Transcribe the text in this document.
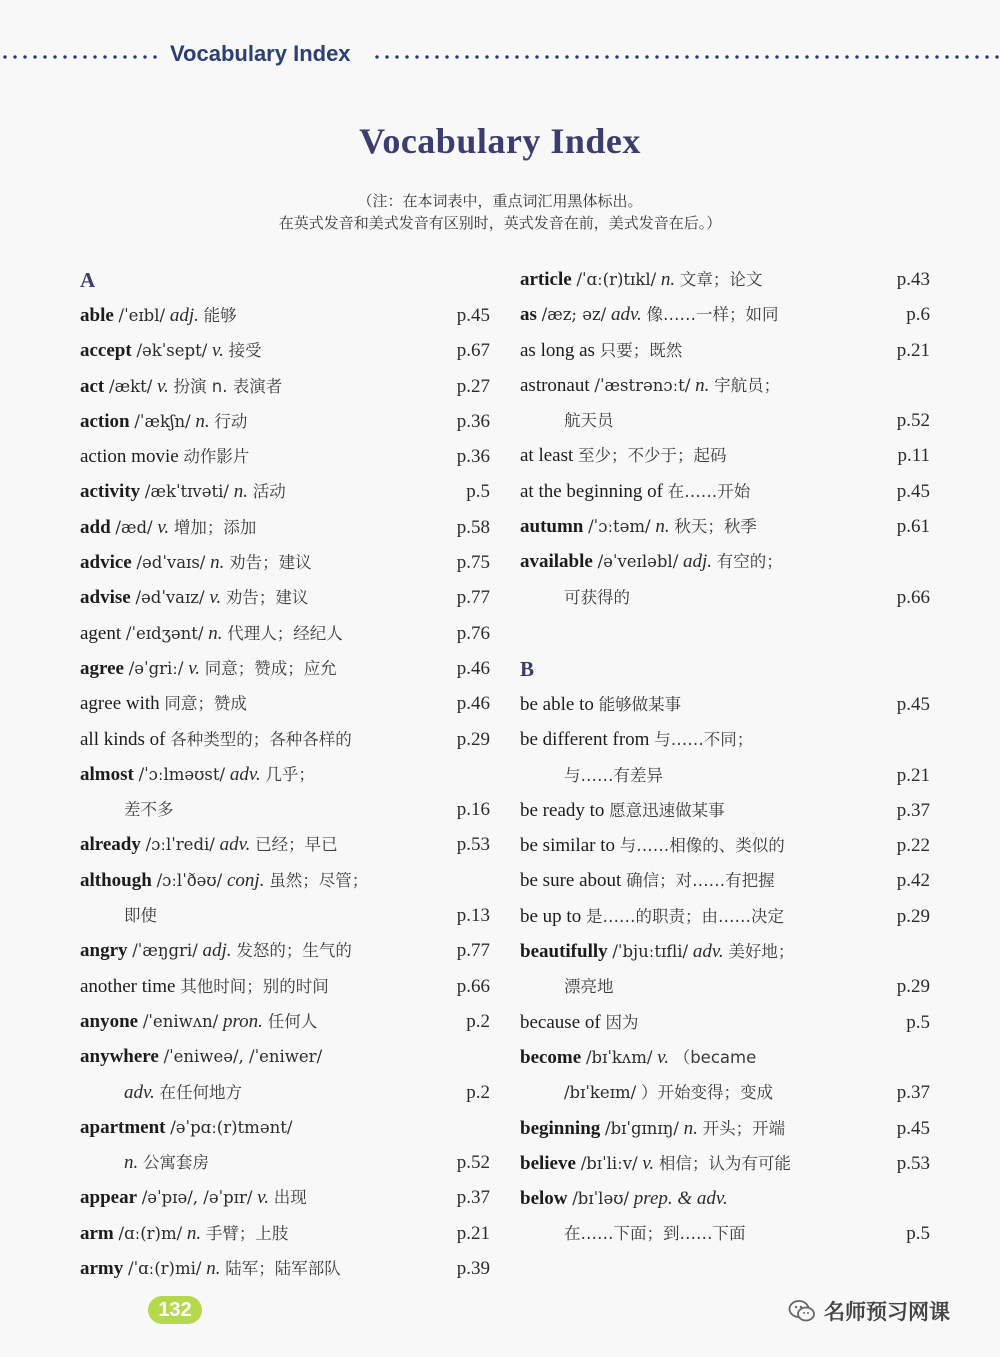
Vocabulary Index
Vocabulary Index
（注：在本词表中，重点词汇用黑体标出。
在英式发音和美式发音有区别时，英式发音在前，美式发音在后。）
A
able /ˈeɪbl/ adj. 能够	p.45
accept /əkˈsept/ v. 接受	p.67
act /ækt/ v. 扮演 n. 表演者	p.27
action /ˈækʃn/ n. 行动	p.36
action movie 动作影片	p.36
activity /ækˈtɪvəti/ n. 活动	p.5
add /æd/ v. 增加；添加	p.58
advice /ədˈvaɪs/ n. 劝告；建议	p.75
advise /ədˈvaɪz/ v. 劝告；建议	p.77
agent /ˈeɪdʒənt/ n. 代理人；经纪人	p.76
agree /əˈgriː/ v. 同意；赞成；应允	p.46
agree with 同意；赞成	p.46
all kinds of 各种类型的；各种各样的	p.29
almost /ˈɔːlməʊst/ adv. 几乎；
差不多	p.16
already /ɔːlˈredi/ adv. 已经；早已	p.53
although /ɔːlˈðəʊ/ conj. 虽然；尽管；
即使	p.13
angry /ˈæŋgri/ adj. 发怒的；生气的	p.77
another time 其他时间；别的时间	p.66
anyone /ˈeniwʌn/ pron. 任何人	p.2
anywhere /ˈeniweə/, /ˈeniwer/
adv. 在任何地方	p.2
apartment /əˈpɑː(r)tmənt/
n. 公寓套房	p.52
appear /əˈpɪə/, /əˈpɪr/ v. 出现	p.37
arm /ɑː(r)m/ n. 手臂；上肢	p.21
army /ˈɑː(r)mi/ n. 陆军；陆军部队	p.39
article /ˈɑː(r)tɪkl/ n. 文章；论文	p.43
as /æz; əz/ adv. 像……一样；如同	p.6
as long as 只要；既然	p.21
astronaut /ˈæstrənɔːt/ n. 宇航员；
航天员	p.52
at least 至少；不少于；起码	p.11
at the beginning of 在……开始	p.45
autumn /ˈɔːtəm/ n. 秋天；秋季	p.61
available /əˈveɪləbl/ adj. 有空的；
可获得的	p.66
B
be able to 能够做某事	p.45
be different from 与……不同；
与……有差异	p.21
be ready to 愿意迅速做某事	p.37
be similar to 与……相像的、类似的	p.22
be sure about 确信；对……有把握	p.42
be up to 是……的职责；由……决定	p.29
beautifully /ˈbjuːtɪfli/ adv. 美好地；
漂亮地	p.29
because of 因为	p.5
become /bɪˈkʌm/ v. （became
/bɪˈkeɪm/ ）开始变得；变成	p.37
beginning /bɪˈgɪnɪŋ/ n. 开头；开端	p.45
believe /bɪˈliːv/ v. 相信；认为有可能	p.53
below /bɪˈləʊ/ prep. & adv.
在……下面；到……下面	p.5
132	名师预习网课
